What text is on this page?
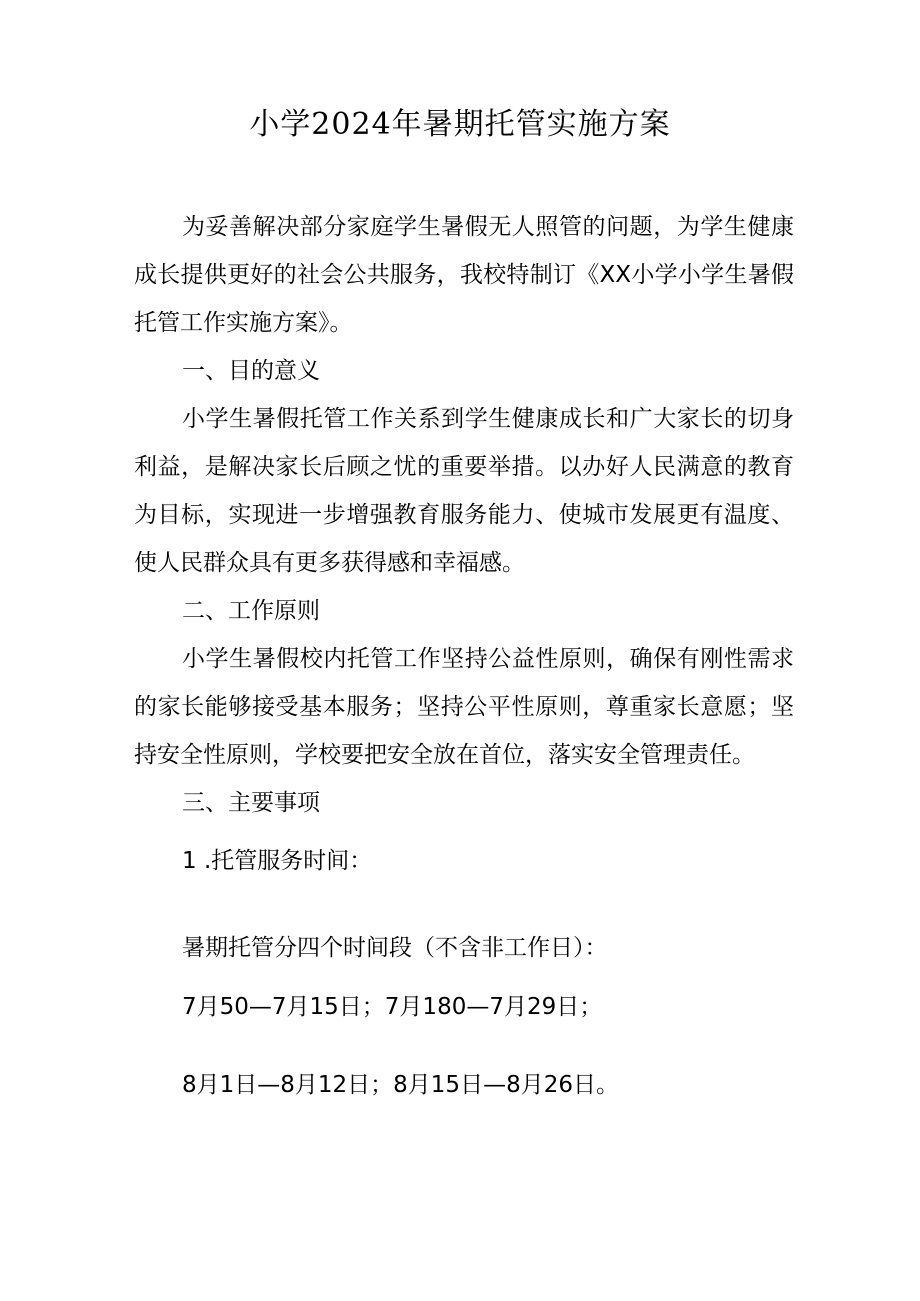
小学2024年暑期托管实施方案

为妥善解决部分家庭学生暑假无人照管的问题，为学生健康成长提供更好的社会公共服务，我校特制订《XX小学小学生暑假托管工作实施方案》。

一、目的意义

小学生暑假托管工作关系到学生健康成长和广大家长的切身利益，是解决家长后顾之忧的重要举措。以办好人民满意的教育为目标，实现进一步增强教育服务能力、使城市发展更有温度、使人民群众具有更多获得感和幸福感。

二、工作原则

小学生暑假校内托管工作坚持公益性原则，确保有刚性需求的家长能够接受基本服务；坚持公平性原则，尊重家长意愿；坚持安全性原则，学校要把安全放在首位，落实安全管理责任。

三、主要事项

1 .托管服务时间：

暑期托管分四个时间段（不含非工作日）：

7月50—7月15日；7月180—7月29日；

8月1日—8月12日；8月15日—8月26日。
